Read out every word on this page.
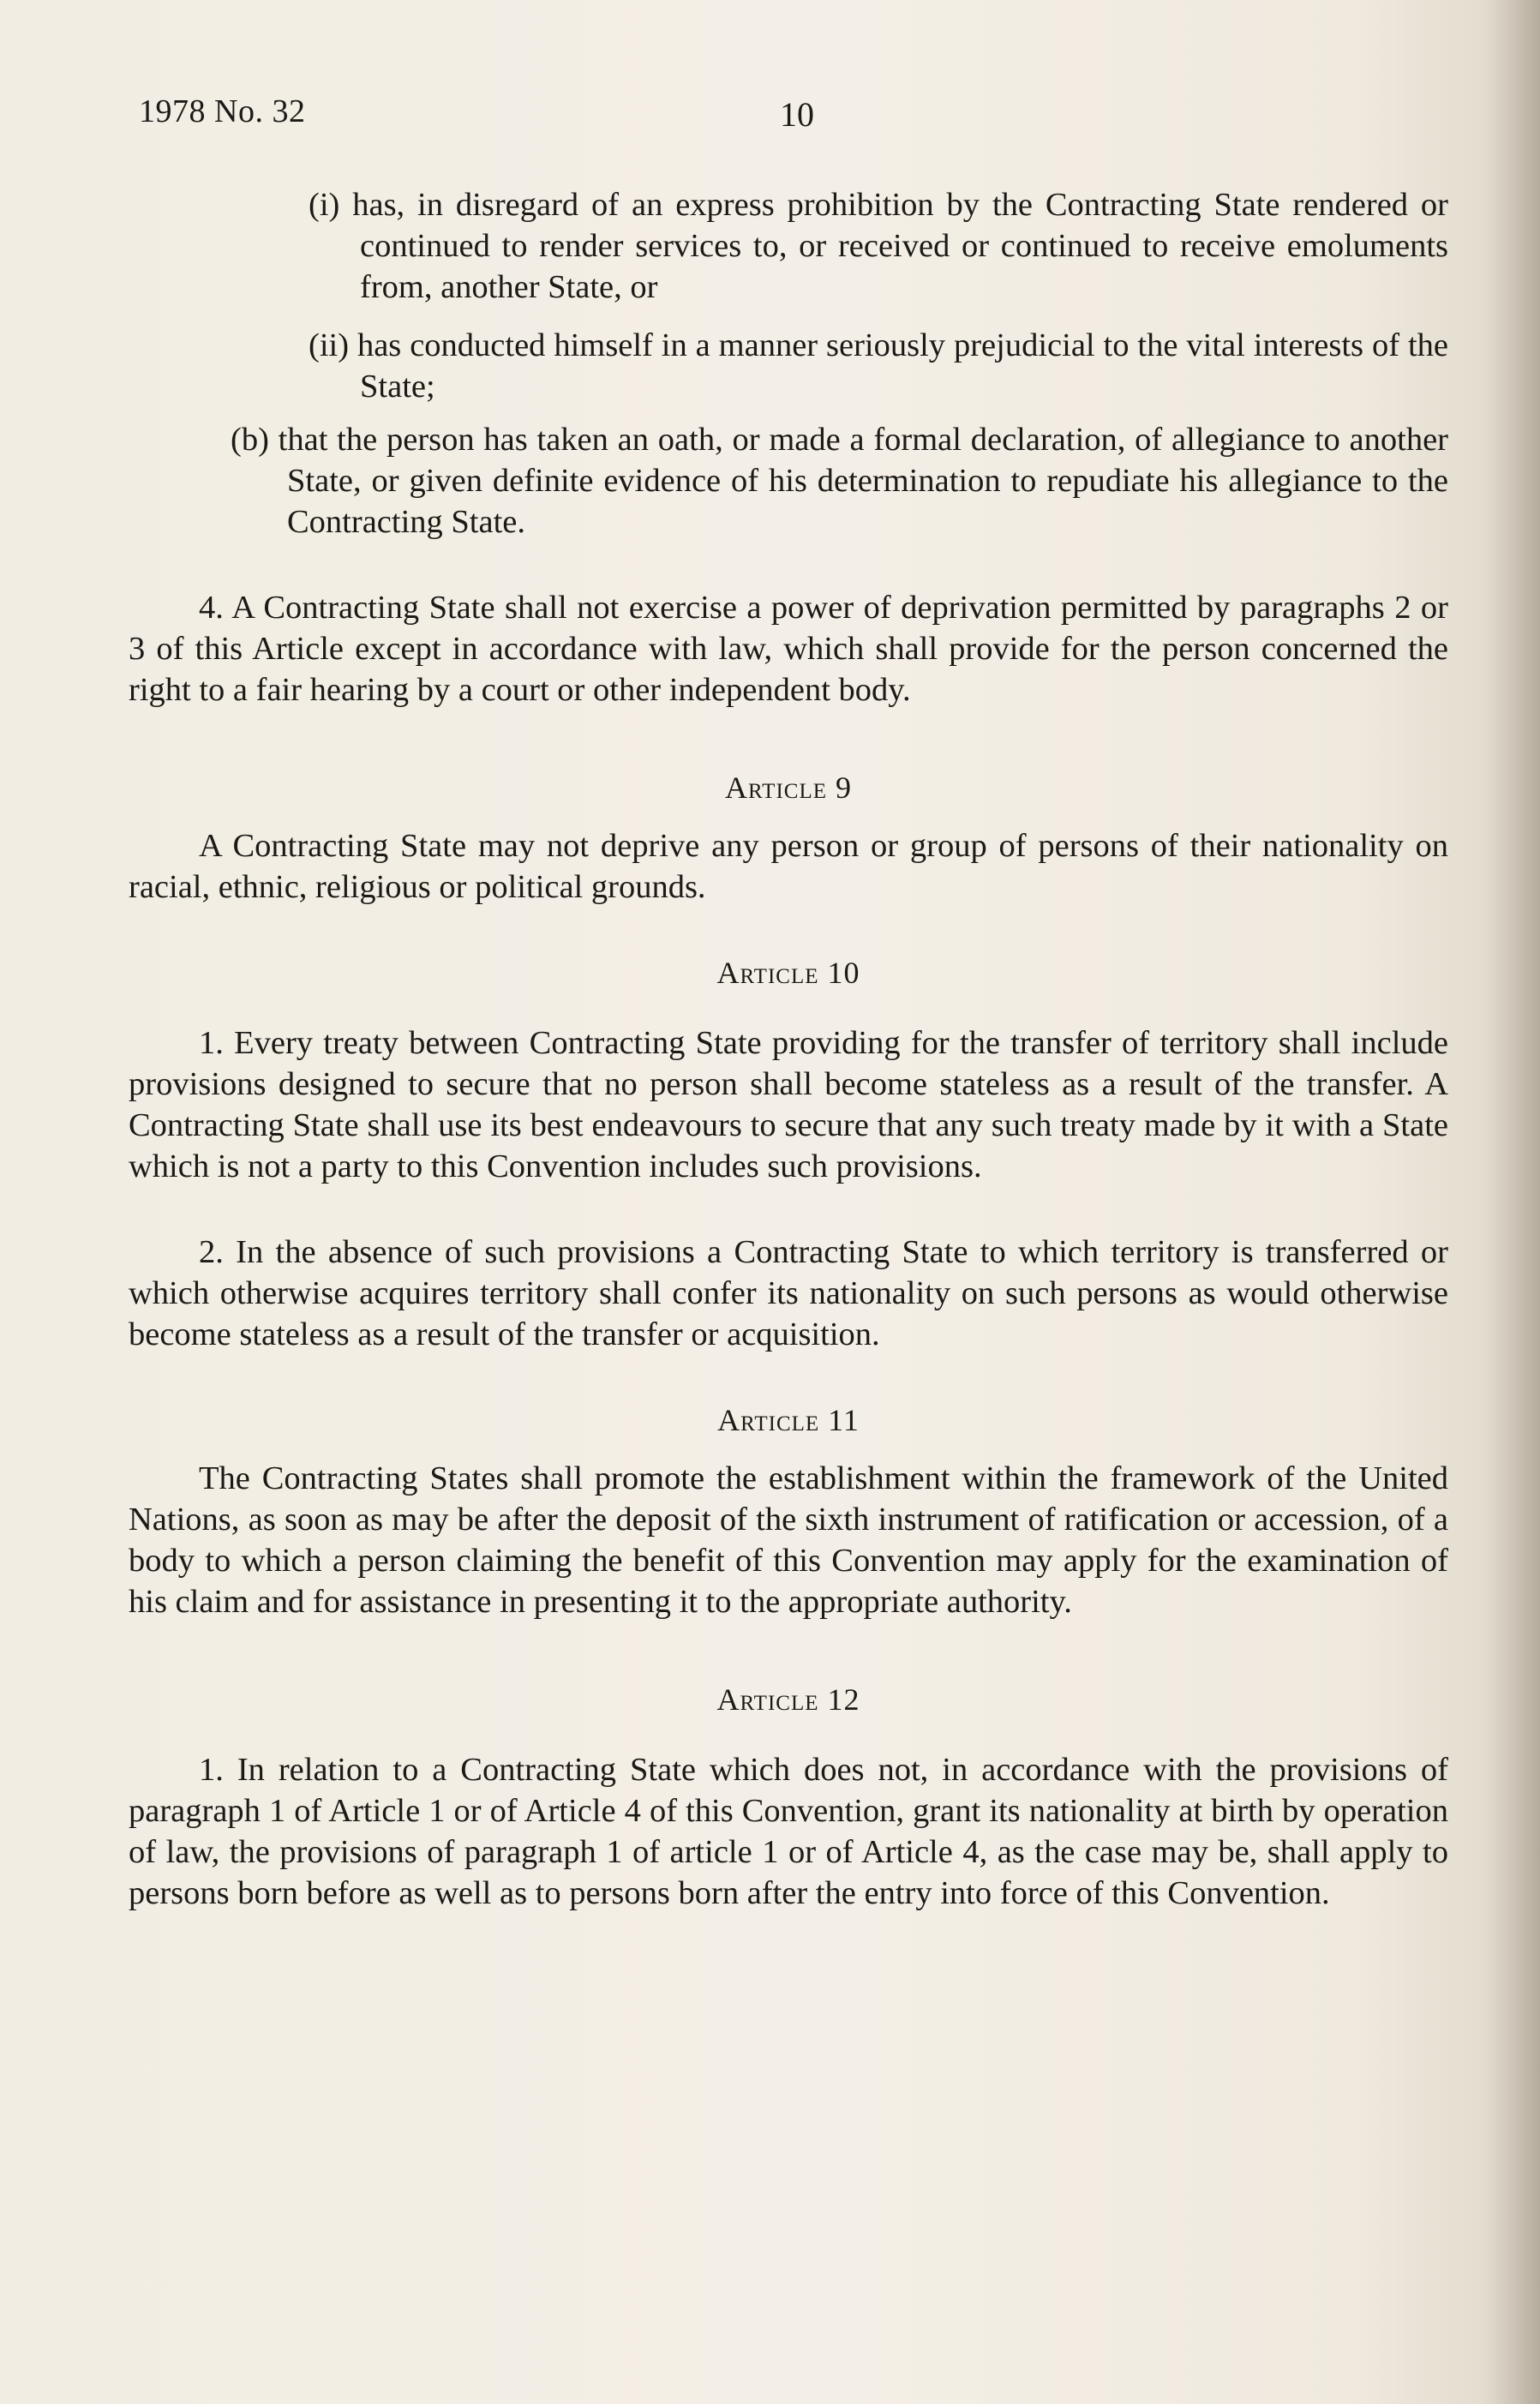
1978 No. 32	10

(i) has, in disregard of an express prohibition by the Contracting State rendered or continued to render services to, or received or continued to receive emoluments from, another State, or

(ii) has conducted himself in a manner seriously prejudicial to the vital interests of the State;

(b) that the person has taken an oath, or made a formal declaration, of allegiance to another State, or given definite evidence of his determination to repudiate his allegiance to the Contracting State.

4. A Contracting State shall not exercise a power of deprivation permitted by paragraphs 2 or 3 of this Article except in accordance with law, which shall provide for the person concerned the right to a fair hearing by a court or other independent body.

Article 9

A Contracting State may not deprive any person or group of persons of their nationality on racial, ethnic, religious or political grounds.

Article 10

1. Every treaty between Contracting State providing for the transfer of territory shall include provisions designed to secure that no person shall become stateless as a result of the transfer. A Contracting State shall use its best endeavours to secure that any such treaty made by it with a State which is not a party to this Convention includes such provisions.

2. In the absence of such provisions a Contracting State to which territory is transferred or which otherwise acquires territory shall confer its nationality on such persons as would otherwise become stateless as a result of the transfer or acquisition.

Article 11

The Contracting States shall promote the establishment within the framework of the United Nations, as soon as may be after the deposit of the sixth instrument of ratification or accession, of a body to which a person claiming the benefit of this Convention may apply for the examination of his claim and for assistance in presenting it to the appropriate authority.

Article 12

1. In relation to a Contracting State which does not, in accordance with the provisions of paragraph 1 of Article 1 or of Article 4 of this Convention, grant its nationality at birth by operation of law, the provisions of paragraph 1 of article 1 or of Article 4, as the case may be, shall apply to persons born before as well as to persons born after the entry into force of this Convention.
